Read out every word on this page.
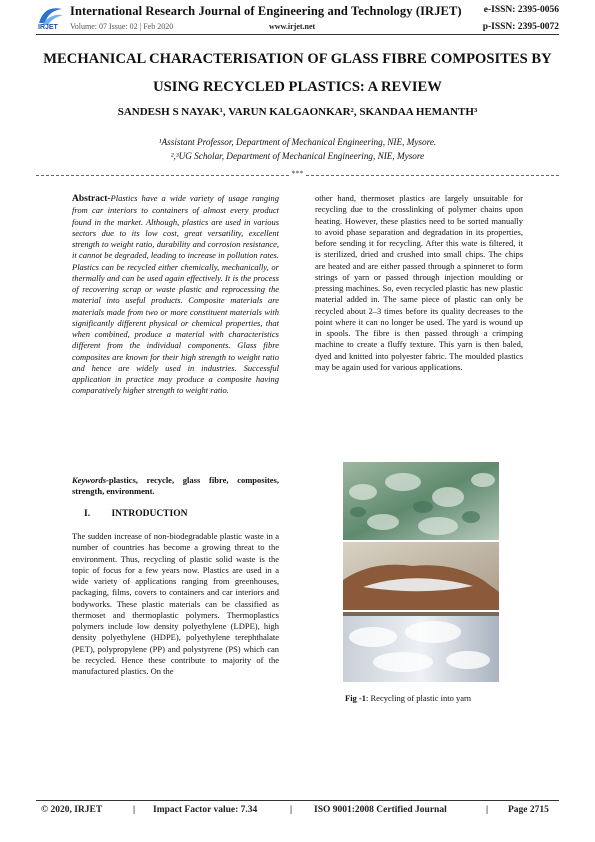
IRJET
International Research Journal of Engineering and Technology (IRJET) e-ISSN: 2395-0056
Volume: 07 Issue: 02 | Feb 2020	www.irjet.net	p-ISSN: 2395-0072
MECHANICAL CHARACTERISATION OF GLASS FIBRE COMPOSITES BY
USING RECYCLED PLASTICS: A REVIEW
SANDESH S NAYAK¹, VARUN KALGAONKAR², SKANDAA HEMANTH³
¹Assistant Professor, Department of Mechanical Engineering, NIE, Mysore.
²,³UG Scholar, Department of Mechanical Engineering, NIE, Mysore
***
Abstract-Plastics have a wide variety of usage ranging from car interiors to containers of almost every product found in the market. Although, plastics are used in various sectors due to its low cost, great versatility, excellent strength to weight ratio, durability and corrosion resistance, it cannot be degraded, leading to increase in pollution rates. Plastics can be recycled either chemically, mechanically, or thermally and can be used again effectively. It is the process of recovering scrap or waste plastic and reprocessing the material into useful products. Composite materials are materials made from two or more constituent materials with significantly different physical or chemical properties, that when combined, produce a material with characteristics different from the individual components. Glass fibre composites are known for their high strength to weight ratio and hence are widely used in industries. Successful application in practice may produce a composite having comparatively higher strength to weight ratio.
Keywords-plastics, recycle, glass fibre, composites, strength, environment.
I. INTRODUCTION
The sudden increase of non-biodegradable plastic waste in a number of countries has become a growing threat to the environment. Thus, recycling of plastic solid waste is the topic of focus for a few years now. Plastics are used in a wide variety of applications ranging from greenhouses, packaging, films, covers to containers and car interiors and bodyworks. These plastic materials can be classified as thermoset and thermoplastic polymers. Thermoplastics polymers include low density polyethylene (LDPE), high density polyethylene (HDPE), polyethylene terephthalate (PET), polypropylene (PP) and polystyrene (PS) which can be recycled. Hence these contribute to majority of the manufactured plastics. On the
other hand, thermoset plastics are largely unsuitable for recycling due to the crosslinking of polymer chains upon heating. However, these plastics need to be sorted manually to avoid phase separation and degradation in its properties, before sending it for recycling. After this wate is filtered, it is sterilized, dried and crushed into small chips. The chips are heated and are either passed through a spinneret to form strings of yarn or passed through injection moulding or pressing machines. So, even recycled plastic has new plastic material added in. The same piece of plastic can only be recycled about 2–3 times before its quality decreases to the point where it can no longer be used. The yard is wound up in spools. The fibre is then passed through a crimping machine to create a fluffy texture. This yarn is then baled, dyed and knitted into polyester fabric. The moulded plastics may be again used for various applications.
Fig -1: Recycling of plastic into yarn
© 2020, IRJET	| Impact Factor value: 7.34	| ISO 9001:2008 Certified Journal	| Page 2715
